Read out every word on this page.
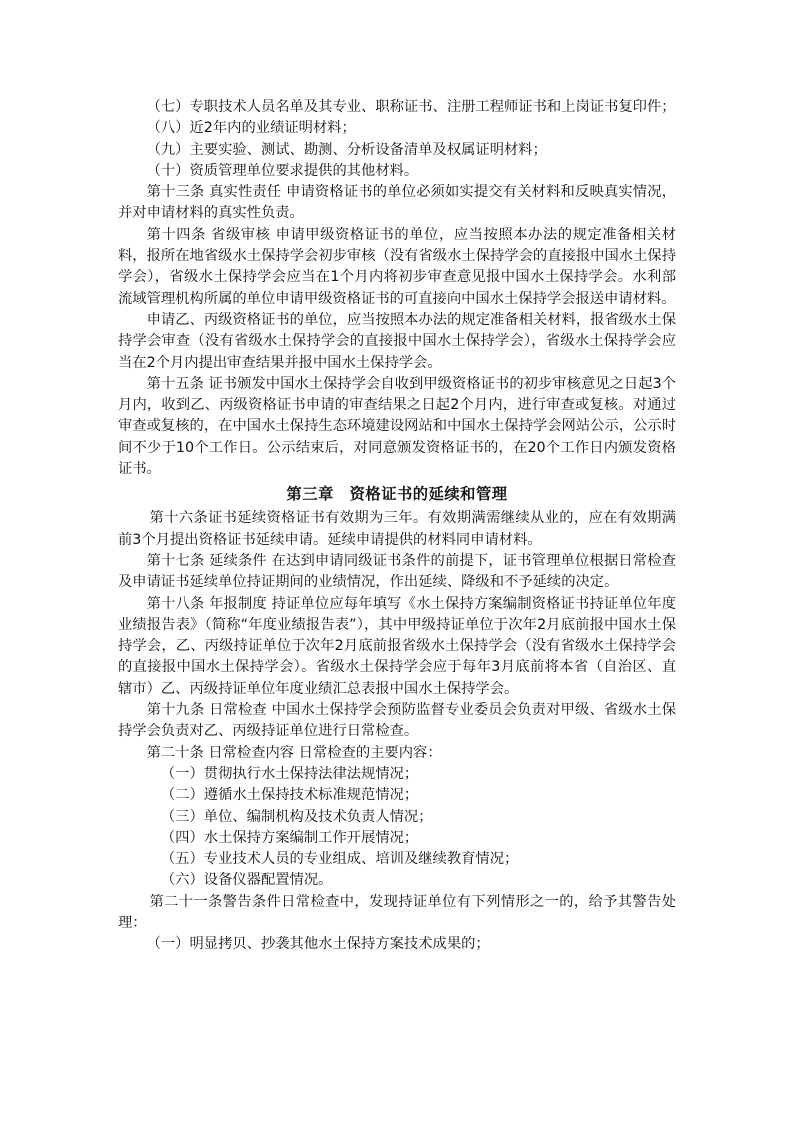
（七）专职技术人员名单及其专业、职称证书、注册工程师证书和上岗证书复印件；

（八）近2年内的业绩证明材料；

（九）主要实验、测试、勘测、分析设备清单及权属证明材料；

（十）资质管理单位要求提供的其他材料。

第十三条 真实性责任 申请资格证书的单位必须如实提交有关材料和反映真实情况，并对申请材料的真实性负责。

第十四条 省级审核 申请甲级资格证书的单位，应当按照本办法的规定准备相关材料，报所在地省级水土保持学会初步审核（没有省级水土保持学会的直接报中国水土保持学会），省级水土保持学会应当在1个月内将初步审查意见报中国水土保持学会。水利部流域管理机构所属的单位申请甲级资格证书的可直接向中国水土保持学会报送申请材料。

申请乙、丙级资格证书的单位，应当按照本办法的规定准备相关材料，报省级水土保持学会审查（没有省级水土保持学会的直接报中国水土保持学会），省级水土保持学会应当在2个月内提出审查结果并报中国水土保持学会。

第十五条 证书颁发中国水土保持学会自收到甲级资格证书的初步审核意见之日起3个月内，收到乙、丙级资格证书申请的审查结果之日起2个月内，进行审查或复核。对通过审查或复核的，在中国水土保持生态环境建设网站和中国水土保持学会网站公示，公示时间不少于10个工作日。公示结束后，对同意颁发资格证书的，在20个工作日内颁发资格证书。

第三章　资格证书的延续和管理

第十六条证书延续资格证书有效期为三年。有效期满需继续从业的，应在有效期满前3个月提出资格证书延续申请。延续申请提供的材料同申请材料。

第十七条 延续条件 在达到申请同级证书条件的前提下，证书管理单位根据日常检查及申请证书延续单位持证期间的业绩情况，作出延续、降级和不予延续的决定。

第十八条 年报制度 持证单位应每年填写《水土保持方案编制资格证书持证单位年度业绩报告表》（简称“年度业绩报告表”），其中甲级持证单位于次年2月底前报中国水土保持学会，乙、丙级持证单位于次年2月底前报省级水土保持学会（没有省级水土保持学会的直接报中国水土保持学会）。省级水土保持学会应于每年3月底前将本省（自治区、直辖市）乙、丙级持证单位年度业绩汇总表报中国水土保持学会。

第十九条 日常检查 中国水土保持学会预防监督专业委员会负责对甲级、省级水土保持学会负责对乙、丙级持证单位进行日常检查。

第二十条 日常检查内容 日常检查的主要内容：

（一）贯彻执行水土保持法律法规情况；

（二）遵循水土保持技术标准规范情况；

（三）单位、编制机构及技术负责人情况；

（四）水土保持方案编制工作开展情况；

（五）专业技术人员的专业组成、培训及继续教育情况；

（六）设备仪器配置情况。

第二十一条警告条件日常检查中，发现持证单位有下列情形之一的，给予其警告处理：

（一）明显拷贝、抄袭其他水土保持方案技术成果的；
